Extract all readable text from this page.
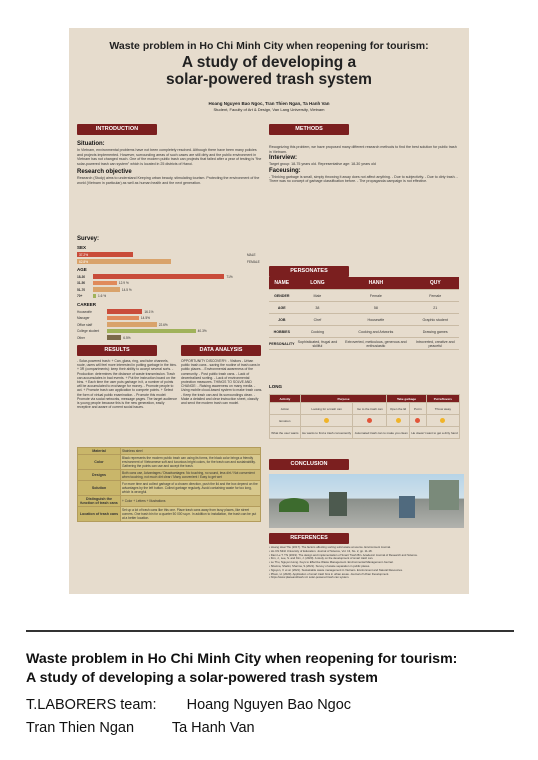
Waste problem in Ho Chi Minh City when reopening for tourism:
A study of developing a
solar-powered trash system
Hoang Nguyen Bao Ngoc, Tran Thien Ngan, Ta Hanh Van
Student, Faculty of Art & Design, Van Lang University, Vietnam
INTRODUCTION
Situation:
In Vietnam, environmental problems have not been completely resolved. Although there have been many policies and projects implemented. However, surrounding areas of such cases are still dirty and the public environment in Vietnam has not changed much. One of the modern public trash can projects that failed after a year of testing is "the solar-powered trash can system" which is located in 25 districts of Hanoi.
Research objective
Research (Study) aims to understand Keeping urban beauty, stimulating tourism. Protecting the environment of the world (Vietnam in particular) as well as human health and the next generation.
METHODS
Recognizing this problem, we have proposed many different research methods to find the best solution for public trash in Vietnam.
Interview:
Target group: 18-75 years old. Representative age: 18-30 years old
Faceusing:
- Thinking garbage is small, simply throwing it away does not affect anything. - Due to subjectivity. - Due to dirty trash. - There was no concept of garbage classification before. - The propaganda campaign is not effective.
Survey:
SEX
AGE
CAREER
PERSONATES
NAME	LONG	HANH	QUY
GENDER	Male	Female	Female
AGE	38	58	21
JOB	Chef	Housewife	Graphic student
HOBBIES	Cooking	Cooking and Artworks	Drawing games
PERSONALITY	Sophisticated, frugal and skillful	Extroverted, meticulous, generous and enthusiastic	Introverted, creative and peaceful
LONG
Activity	Purpose		Take garbage		Put leftovers
Action	Looking for a trash can	Go to the trash can	Open the lid	Put in	Throw away
Emotion					
What the user wants	He wants to find a trash conveniently	Automated trash can to make you clean		He doesn't want to get a dirty hand	
RESULTS
- Solar-powered trash: + Can, glass, ring, and tube channels, route, users will feel more interested in putting garbage in the bins. + 3R (compartments): keep their ability to accept several sorts. - Production: determines the distance of waste transmission. Trash can accumulates in bad events. + Put the instruction board on the bins. + Each time the user puts garbage in it, a number of points will be accumulated to exchange for money. - Promote people to act. + Promote trash can application to compete points. + Select the form of virtual public examination. - Promote this model: Promote via social networks, message pages. The target audience is young people because this is the new generation, easily receptive and aware of current social issues.
DATA ANALYSIS
OPPORTUNITY DISCOVERY: - Visitors - Urban public trash cans - saving the routine of trash cans in public places. - Environmental awareness of the community. - Post public trash cans. - Lack of decentralized sorting. - Lack of environmental protection measures. THINGS TO SOLVE AND CHANGE: - Raising awareness on many media. - Using mobile cloud-based system to make trash cans. - Keep the trash can and its surroundings clean. - Make a detailed and clear instruction sheet, classify and send the modern trash can model.
Material	Stainless steel
Color	Black represents the modern public trash can using its forms, the black color brings a friendly environment of Vietnamese soft and luxurious bright colors, for the trash can and sustainability. Gathering the points can use and accept the trash.
Designs	Both cans use, Advantages / Disadvantages: No touching, no sound, less dirt / Not convenient when touching, not much dirt clear / Many convenient / Easy to get wet
Solution	For more time and collect garbage of a chosen direction, push the lid and the box depend on the advantages by the left button. Collect garbage regularly. Avoid containing waste for too long, which is wrongful.
Distinguish the function of trash cans	+ Color + Letters + Illustrations
Location of trash cans	Set up a lot of trash cans like this one. Place trash cans away from busy places, like street corners. One trash bin for a quarter 50 000 sq.m. In addition to installation, the trash can be put at a better location.
CONCLUSION
REFERENCES
• Hoang Hoai Thu (2017). The factors affecting sorting solid waste at source. Environment Journal.
• Ho Chi Minh University of Education. Journal of Science, Vol. 13, No. 2, pp. 11-18.
• Dam Le T. Thi (2019). The design and implementation of Smart Trash Bin. Academic Journal of Research and Science.
• Kim, J., Lee, S. and Kim, J. (2020). A study on the development of smart trash can.
• Le Thu, Nguyen Hong. Keys to Effective Waste Management. Environmental Management Journal.
• Sharma, Shalini, Sharma, S.(2021). Survey of waste separation in public places.
• Nguyen, V. et al. (2021). Sustainable waste management in Vietnam. Environment and Natural Resources.
• Pham, H. (2020). Application of smart trash bins in urban areas. Journal of Urban Development.
• https://www.planeandtrash.vn/ solar-powered trash can system.
37.2%	MALE
62.8%	FEMALE
18-30	71%
31-50	12.9 %
51-70	14.5 %
70+	1.6 %
Housewife	16.1%
Manager	14.5%
Office staff	22.6%
College student	40.3%
Other	6.5%
Waste problem in Ho Chi Minh City when reopening for tourism:
A study of developing a solar-powered trash system
T.LABORERS team: Hoang Nguyen Bao Ngoc
Tran Thien Ngan	Ta Hanh Van
